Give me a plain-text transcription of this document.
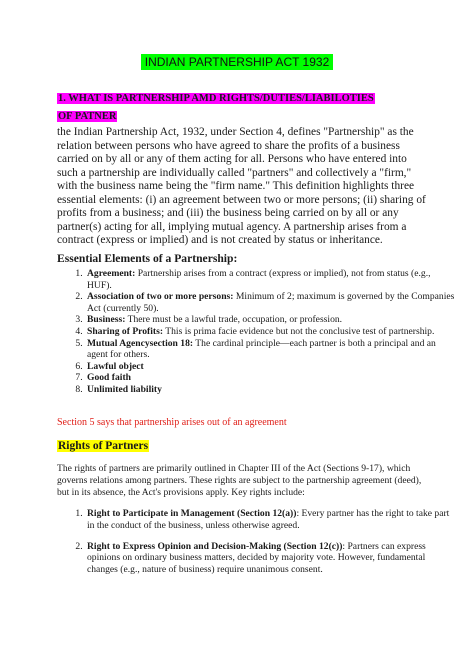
INDIAN PARTNERSHIP ACT 1932
1. WHAT IS PARTNERSHIP AMD RIGHTS/DUTIES/LIABILOTIES
OF PATNER

the Indian Partnership Act, 1932, under Section 4, defines "Partnership" as the relation between persons who have agreed to share the profits of a business carried on by all or any of them acting for all. Persons who have entered into such a partnership are individually called "partners" and collectively a "firm," with the business name being the "firm name." This definition highlights three essential elements: (i) an agreement between two or more persons; (ii) sharing of profits from a business; and (iii) the business being carried on by all or any partner(s) acting for all, implying mutual agency. A partnership arises from a contract (express or implied) and is not created by status or inheritance.

Essential Elements of a Partnership:

1. Agreement: Partnership arises from a contract (express or implied), not from status (e.g., HUF).
2. Association of two or more persons: Minimum of 2; maximum is governed by the Companies Act (currently 50).
3. Business: There must be a lawful trade, occupation, or profession.
4. Sharing of Profits: This is prima facie evidence but not the conclusive test of partnership.
5. Mutual Agencysection 18: The cardinal principle—each partner is both a principal and an agent for others.
6. Lawful object
7. Good faith
8. Unlimited liability

Section 5 says that partnership arises out of an agreement

Rights of Partners

The rights of partners are primarily outlined in Chapter III of the Act (Sections 9-17), which governs relations among partners. These rights are subject to the partnership agreement (deed), but in its absence, the Act's provisions apply. Key rights include:

1. Right to Participate in Management (Section 12(a)): Every partner has the right to take part in the conduct of the business, unless otherwise agreed.
2. Right to Express Opinion and Decision-Making (Section 12(c)): Partners can express opinions on ordinary business matters, decided by majority vote. However, fundamental changes (e.g., nature of business) require unanimous consent.
